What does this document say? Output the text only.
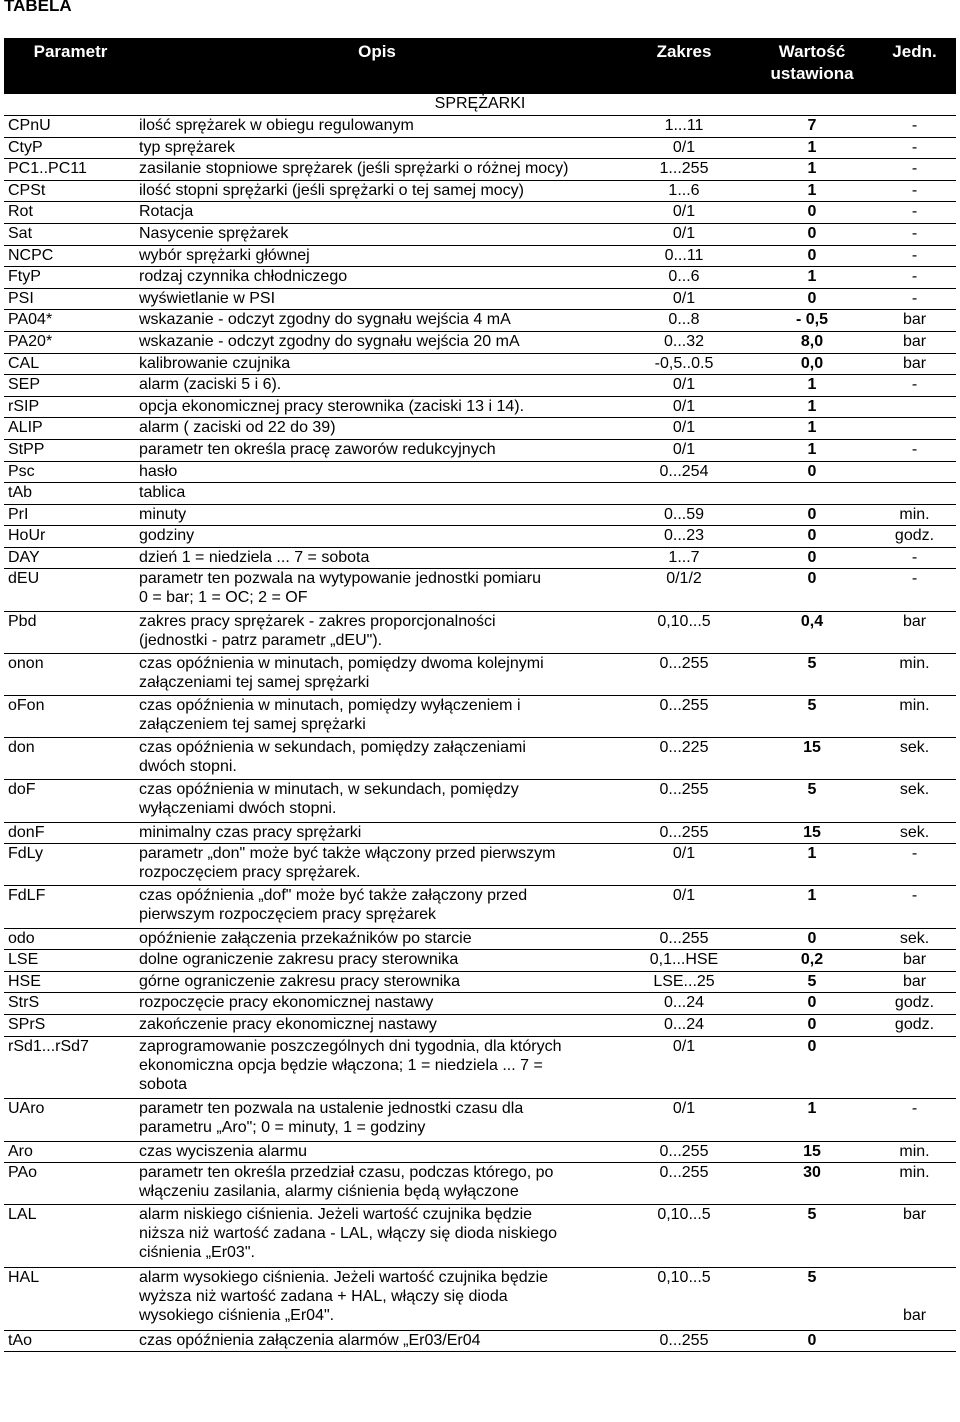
TABELA
Parametr	Opis	Zakres	Wartość ustawiona	Jedn.
SPRĘŻARKI				
CPnU	ilość sprężarek w obiegu regulowanym	1...11	7	-
CtyP	typ sprężarek	0/1	1	-
PC1..PC11	zasilanie stopniowe sprężarek (jeśli sprężarki o różnej mocy)	1...255	1	-
CPSt	ilość stopni sprężarki (jeśli sprężarki o tej samej mocy)	1...6	1	-
Rot	Rotacja	0/1	0	-
Sat	Nasycenie sprężarek	0/1	0	-
NCPC	wybór sprężarki głównej	0...11	0	-
FtyP	rodzaj czynnika chłodniczego	0...6	1	-
PSI	wyświetlanie w PSI	0/1	0	-
PA04*	wskazanie - odczyt zgodny do sygnału wejścia 4 mA	0...8	- 0,5	bar
PA20*	wskazanie - odczyt zgodny do sygnału wejścia 20 mA	0...32	8,0	bar
CAL	kalibrowanie czujnika	-0,5..0.5	0,0	bar
SEP	alarm (zaciski 5 i 6).	0/1	1	-
rSIP	opcja ekonomicznej pracy sterownika (zaciski 13 i 14).	0/1	1	
ALIP	alarm ( zaciski od 22 do 39)	0/1	1	
StPP	parametr ten określa pracę zaworów redukcyjnych	0/1	1	-
Psc	hasło	0...254	0	
tAb	tablica			
PrI	minuty	0...59	0	min.
HoUr	godziny	0...23	0	godz.
DAY	dzień 1 = niedziela ... 7 = sobota	1...7	0	-
dEU	parametr ten pozwala na wytypowanie jednostki pomiaru
0 = bar; 1 = OC; 2 = OF	0/1/2	0	-
Pbd	zakres pracy sprężarek - zakres proporcjonalności
(jednostki - patrz parametr „dEU").	0,10...5	0,4	bar
onon	czas opóźnienia w minutach, pomiędzy dwoma kolejnymi
załączeniami tej samej sprężarki	0...255	5	min.
oFon	czas opóźnienia w minutach, pomiędzy wyłączeniem i
załączeniem tej samej sprężarki	0...255	5	min.
don	czas opóźnienia w sekundach, pomiędzy załączeniami
dwóch stopni.	0...225	15	sek.
doF	czas opóźnienia w minutach, w sekundach, pomiędzy
wyłączeniami dwóch stopni.	0...255	5	sek.
donF	minimalny czas pracy sprężarki	0...255	15	sek.
FdLy	parametr „don" może być także włączony przed pierwszym
rozpoczęciem pracy sprężarek.	0/1	1	-
FdLF	czas opóźnienia „dof" może być także załączony przed
pierwszym rozpoczęciem pracy sprężarek	0/1	1	-
odo	opóźnienie załączenia przekaźników po starcie	0...255	0	sek.
LSE	dolne ograniczenie zakresu pracy sterownika	0,1...HSE	0,2	bar
HSE	górne ograniczenie zakresu pracy sterownika	LSE...25	5	bar
StrS	rozpoczęcie pracy ekonomicznej nastawy	0...24	0	godz.
SPrS	zakończenie pracy ekonomicznej nastawy	0...24	0	godz.
rSd1...rSd7	zaprogramowanie poszczególnych dni tygodnia, dla których
ekonomiczna opcja będzie włączona; 1 = niedziela ... 7 =
sobota	0/1	0	
UAro	parametr ten pozwala na ustalenie jednostki czasu dla
parametru „Aro"; 0 = minuty, 1 = godziny	0/1	1	-
Aro	czas wyciszenia alarmu	0...255	15	min.
PAo	parametr ten określa przedział czasu, podczas którego, po
włączeniu zasilania, alarmy ciśnienia będą wyłączone	0...255	30	min.
LAL	alarm niskiego ciśnienia. Jeżeli wartość czujnika będzie
niższa niż wartość zadana - LAL, włączy się dioda niskiego
ciśnienia „Er03".	0,10...5	5	bar
HAL	alarm wysokiego ciśnienia. Jeżeli wartość czujnika będzie
wyższa niż wartość zadana + HAL, włączy się dioda
wysokiego ciśnienia „Er04".	0,10...5	5	bar
tAo	czas opóźnienia załączenia alarmów „Er03/Er04	0...255	0	
